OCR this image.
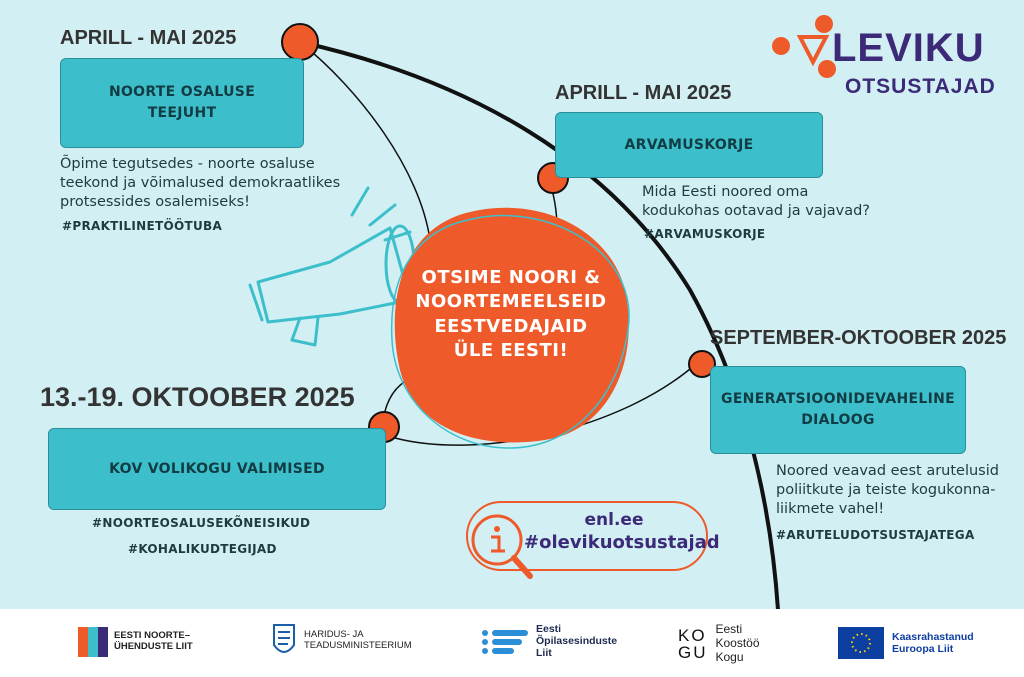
LEVIKU
OTSUSTAJAD
APRILL - MAI 2025
NOORTE OSALUSE
TEEJUHT
Õpime tegutsedes - noorte osaluse
teekond ja võimalused demokraatlikes
protsessides osalemiseks!
#PRAKTILINETÖÖTUBA
APRILL - MAI 2025
ARVAMUSKORJE
Mida Eesti noored oma
kodukohas ootavad ja vajavad?
#ARVAMUSKORJE
SEPTEMBER-OKTOOBER 2025
GENERATSIOONIDEVAHELINE
DIALOOG
Noored veavad eest arutelusid
poliitkute ja teiste kogukonna-
liikmete vahel!
#ARUTELUDOTSUSTAJATEGA
13.-19. OKTOOBER 2025
KOV VOLIKOGU VALIMISED
#NOORTEOSALUSEKÕNEISIKUD
#KOHALIKUDTEGIJAD
OTSIME NOORI &
NOORTEMEELSEID
EESTVEDAJAID
ÜLE EESTI!
enl.ee
#olevikuotsustajad
EESTI NOORTE–
ÜHENDUSTE LIIT
HARIDUS- JA
TEADUSMINISTEERIUM
Eesti
Õpilasesinduste
Liit
KO
GU
Eesti
Koostöö
Kogu
Kaasrahastanud
Euroopa Liit
